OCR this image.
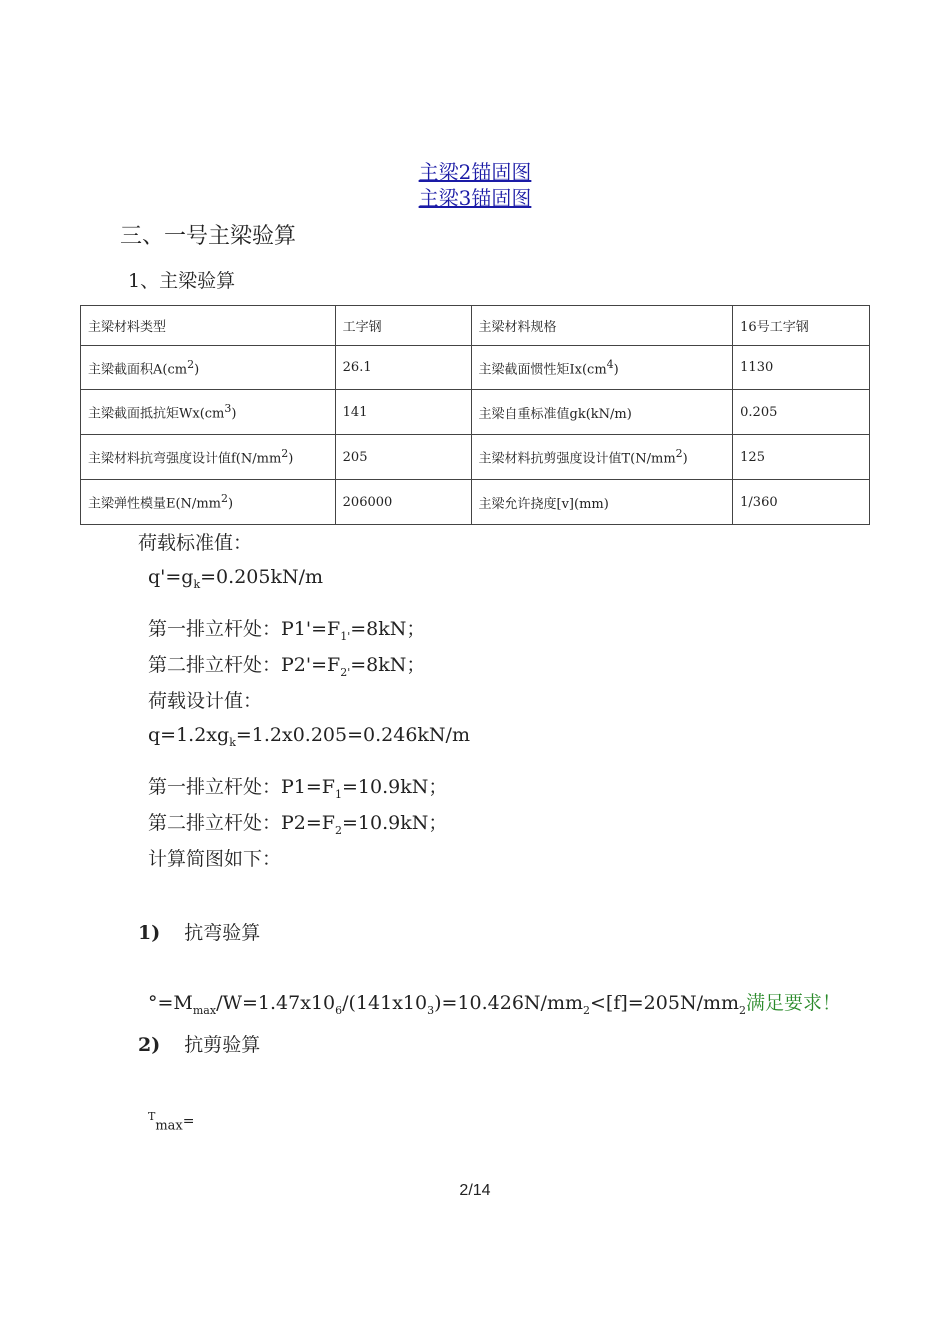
主梁2锚固图
主梁3锚固图
三、一号主梁验算
1、主梁验算
主梁材料类型	工字钢	主梁材料规格	16号工字钢
主梁截面积$A(cm^2)$	26.1	主梁截面惯性矩$Ix(cm^4)$	1130
主梁截面抵抗矩$Wx(cm^3)$	141	主梁自重标准值gk(kN/m)	0.205
主梁材料抗弯强度设计值$f(N/mm^2)$	205	主梁材料抗剪强度设计值$T(N/mm^2)$	125
主梁弹性模量$E(N/mm^2)$	206000	主梁允许挠度[v](mm)	1/360
荷载标准值：
$q'=g_k=0.205kN/m$
第一排立杆处：$P1'=F_{1'}=8kN$；
第二排立杆处：$P2'=F_{2'}=8kN$；
荷载设计值：
$q=1.2xg_k=1.2x0.205=0.246kN/m$
第一排立杆处：$P1=F_1=10.9kN$；
第二排立杆处：$P2=F_2=10.9kN$；
计算简图如下：
1) 抗弯验算
$^\circ=M_{max}/W=1.47x10_6/(141x10_3)=10.426N/mm_2<[f]=205N/mm_2$满足要求！
2) 抗剪验算
$^T_{max}$=
2/14
